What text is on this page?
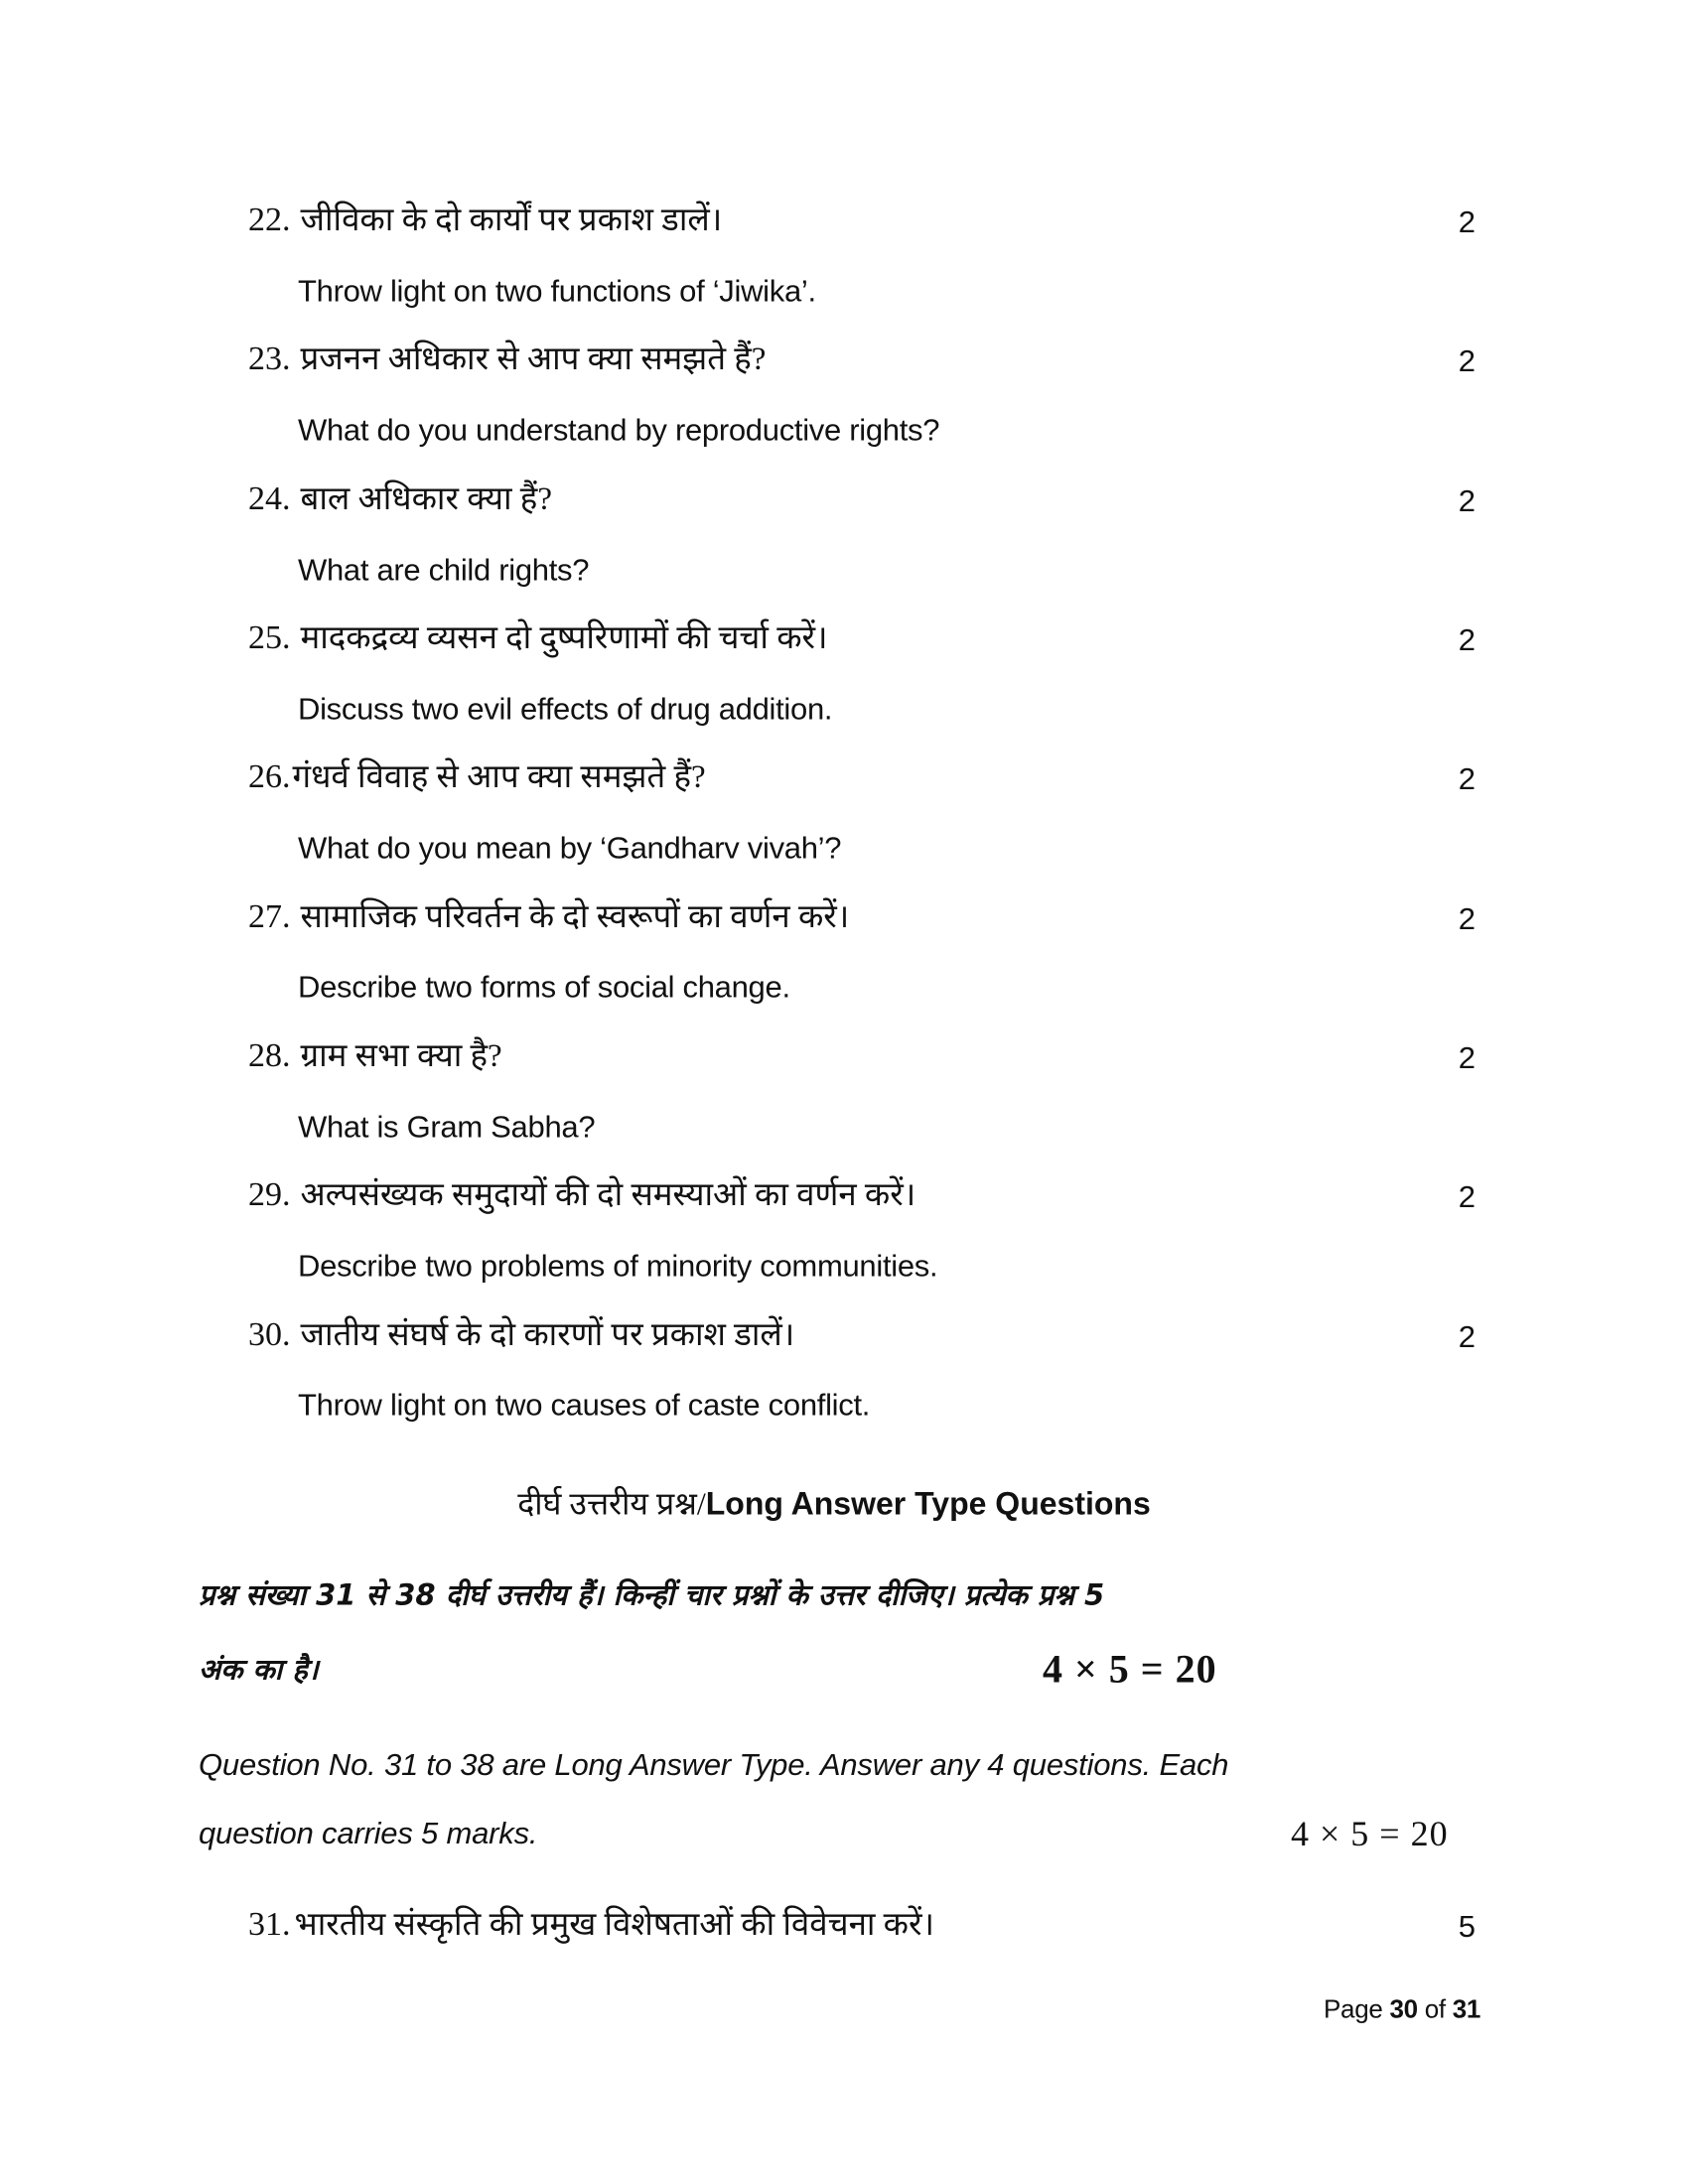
22. जीविका के दो कार्यों पर प्रकाश डालें।	2
Throw light on two functions of ‘Jiwika’.
23. प्रजनन अधिकार से आप क्या समझते हैं?	2
What do you understand by reproductive rights?
24. बाल अधिकार क्या हैं?	2
What are child rights?
25. मादकद्रव्य व्यसन दो दुष्परिणामों की चर्चा करें।	2
Discuss two evil effects of drug addition.
26.गंधर्व विवाह से आप क्या समझते हैं?	2
What do you mean by ‘Gandharv vivah’?
27. सामाजिक परिवर्तन के दो स्वरूपों का वर्णन करें।	2
Describe two forms of social change.
28. ग्राम सभा क्या है?	2
What is Gram Sabha?
29. अल्पसंख्यक समुदायों की दो समस्याओं का वर्णन करें।	2
Describe two problems of minority communities.
30. जातीय संघर्ष के दो कारणों पर प्रकाश डालें।	2
Throw light on two causes of caste conflict.
दीर्घ उत्तरीय प्रश्न/Long Answer Type Questions
प्रश्न संख्या 31 से 38 दीर्घ उत्तरीय हैं। किन्हीं चार प्रश्नों के उत्तर दीजिए। प्रत्येक प्रश्न 5
अंक का है।	4 × 5 = 20
Question No. 31 to 38 are Long Answer Type. Answer any 4 questions. Each
question carries 5 marks.	4 × 5 = 20
31. भारतीय संस्कृति की प्रमुख विशेषताओं की विवेचना करें।	5
Page 30 of 31
